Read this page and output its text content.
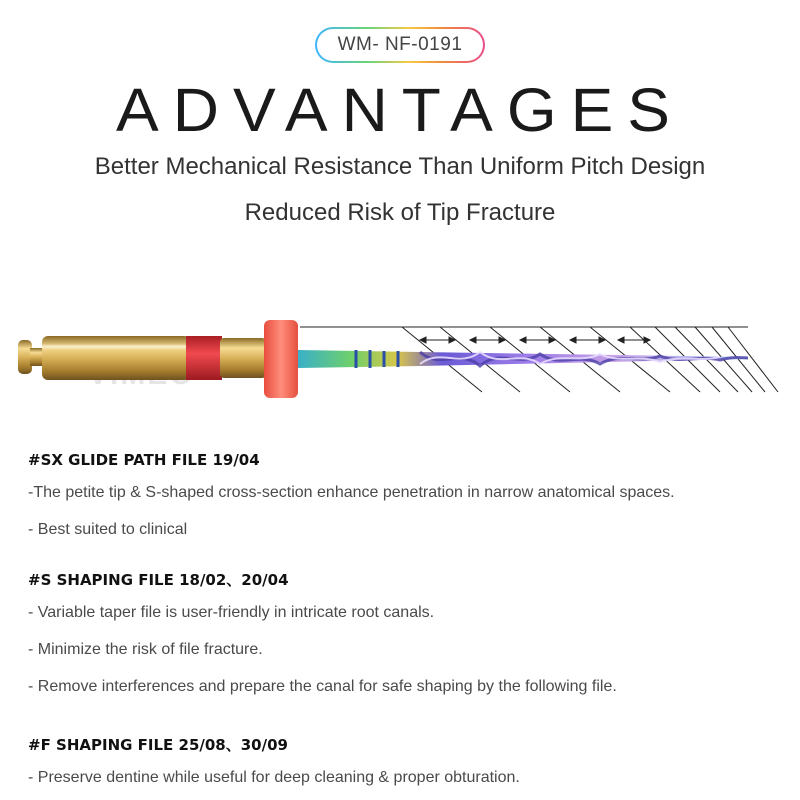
WM- NF-0191
ADVANTAGES
Better Mechanical Resistance Than Uniform Pitch Design
Reduced Risk of Tip Fracture
#SX GLIDE PATH FILE 19/04
-The petite tip & S-shaped cross-section enhance penetration in narrow anatomical spaces.
- Best suited to clinical
#S SHAPING FILE 18/02、20/04
- Variable taper file is user-friendly in intricate root canals.
- Minimize the risk of file fracture.
- Remove interferences and prepare the canal for safe shaping by the following file.
#F SHAPING FILE 25/08、30/09
- Preserve dentine while useful for deep cleaning & proper obturation.
